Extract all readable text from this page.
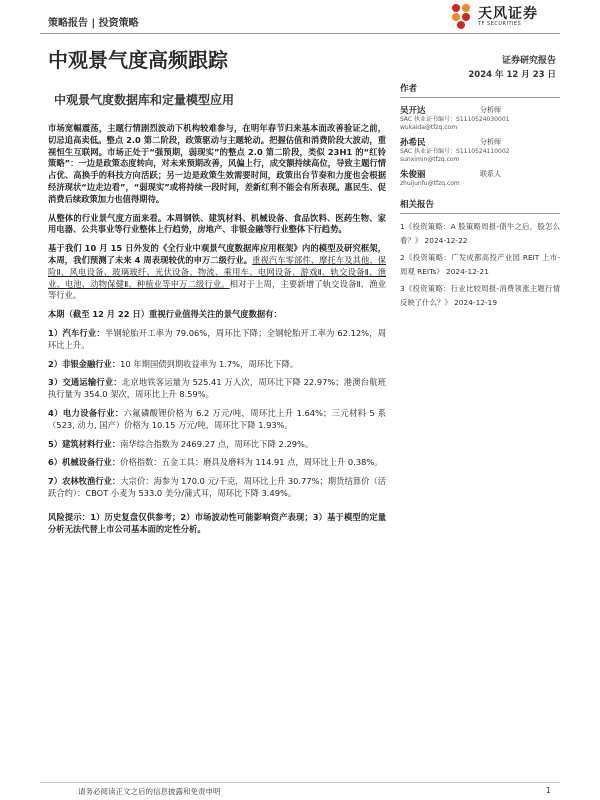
策略报告 | 投资策略
天风证券
TF SECURITIES
中观景气度高频跟踪
中观景气度数据库和定量模型应用
证券研究报告
2024 年 12 月 23 日

市场宽幅震荡，主题行情剧烈波动下机构较难参与，在明年春节归来基本面改善验证之前，切忌追高卖低。整点 2.0 第二阶段，政策驱动与主题轮动。把握估值和消费阶段大波动，重视恒生互联网。市场正处于“强预期，弱现实”的整点 2.0 第二阶段，类似 23H1 的“红铃策略”：一边是政策态度转向，对未来预期改善，风偏上行，成交额持续高位，导致主题行情占优、高换手的科技方向活跃；另一边是政策生效需要时间，政策出台节奏和力度也会根据经济现状“边走边看”，“弱现实”或将持续一段时间，差新红利不能会有所表现。惠民生、促消费后续政策加力也值得期待。

从整体的行业景气度方面来看。本周钢铁、建筑材料、机械设备、食品饮料、医药生物、家用电器、公共事业等行业整体上行趋势，房地产、非银金融等行业整体下行趋势。

基于我们 10 月 15 日外发的《全行业中观景气度数据库应用框架》内的模型及研究框架，本周，我们预测了未来 4 周表现较优的申万二级行业。重视汽车零部件、摩托车及其他、保险Ⅱ、风电设备、玻璃玻纤、光伏设备、物流、乘用车、电网设备、游戏Ⅱ、轨交设备Ⅱ、渔业、电池、动物保健Ⅱ、种植业等申万二级行业。相对于上周，主要新增了轨交设备Ⅱ、渔业等行业。

本期（截至 12 月 22 日）重视行业值得关注的景气度数据有：

1）汽车行业：半钢轮胎开工率为 79.06%，周环比下降；全钢轮胎开工率为 62.12%，周环比上升。
2）非银金融行业：10 年期国债到期收益率为 1.7%，周环比下降。
3）交通运输行业：北京地铁客运量为 525.41 万人次，周环比下降 22.97%；港澳台航班执行量为 354.0 架次，周环比上升 8.59%。
4）电力设备行业：六氟磷酸锂价格为 6.2 万元/吨，周环比上升 1.64%；三元材料 5 系（523, 动力, 国产）价格为 10.15 万元/吨，周环比下降 1.93%。
5）建筑材料行业：南华综合指数为 2469.27 点，周环比下降 2.29%。
6）机械设备行业：价格指数：五金工具：磨具及磨料为 114.91 点，周环比上升 0.38%。
7）农林牧渔行业：大宗价：海参为 170.0 元/千克，周环比上升 30.77%；期货结算价（活跃合约）：CBOT 小麦为 533.0 美分/蒲式耳，周环比下降 3.49%。

风险提示：1）历史复盘仅供参考；2）市场波动性可能影响资产表现；3）基于模型的定量分析无法代替上市公司基本面的定性分析。

作者
吴开达	分析师
SAC 执业证书编号：S1110524030001
wukaida@tfzq.com
孙希民	分析师
SAC 执业证书编号：S1110524110002
sunximin@tfzq.com
朱俊丽	联系人
zhuijunfu@tfzq.com
相关报告
1《投资策略：A 股策略周报-债牛之后，股怎么看？》 2024-12-22
2《投资策略：广发成都高投产业园 REIT 上市-周观 REITs》 2024-12-21
3《投资策略：行业比较周报-消费领涨主题行情反映了什么？》 2024-12-19
请务必阅读正文之后的信息披露和免责申明	1
